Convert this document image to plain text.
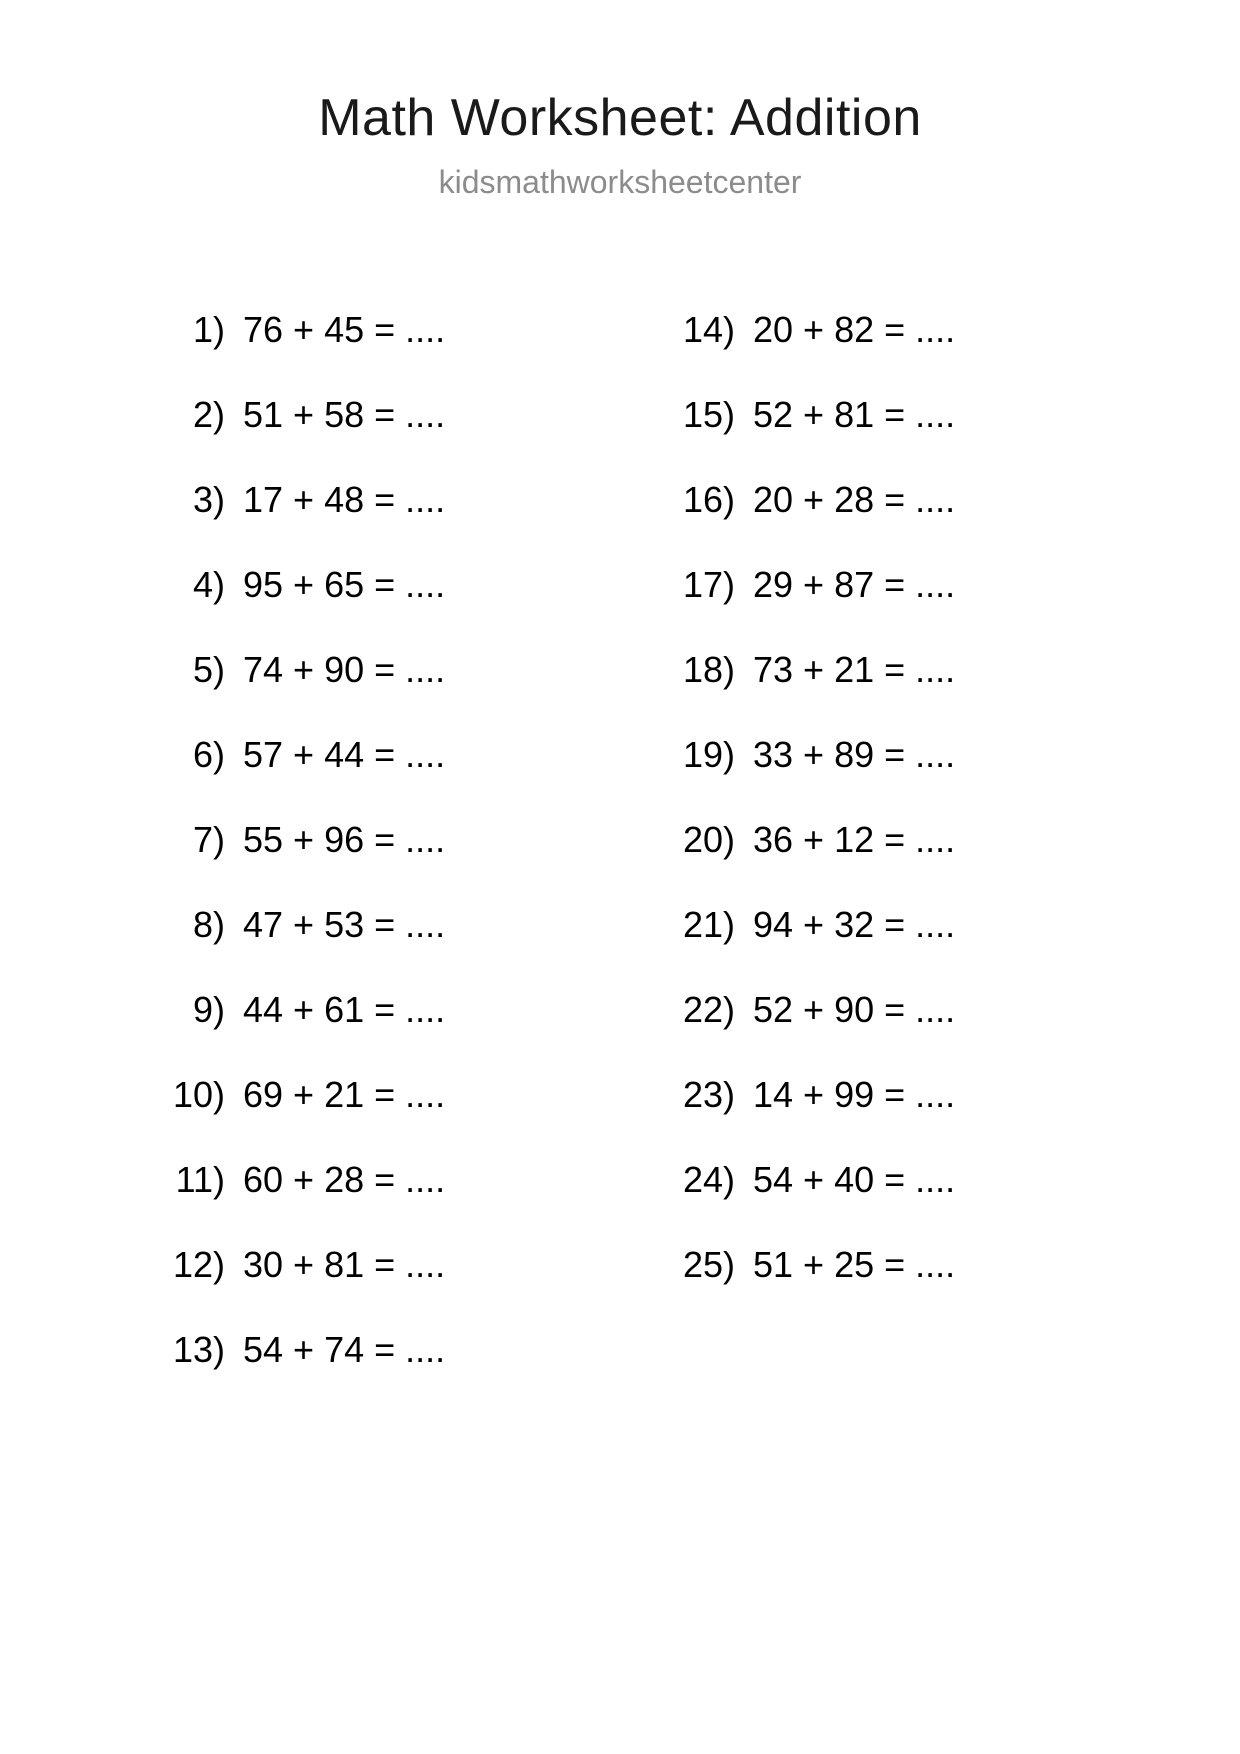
Math Worksheet: Addition
kidsmathworksheetcenter
1) 76 + 45 = ....
2) 51 + 58 = ....
3) 17 + 48 = ....
4) 95 + 65 = ....
5) 74 + 90 = ....
6) 57 + 44 = ....
7) 55 + 96 = ....
8) 47 + 53 = ....
9) 44 + 61 = ....
10) 69 + 21 = ....
11) 60 + 28 = ....
12) 30 + 81 = ....
13) 54 + 74 = ....
14) 20 + 82 = ....
15) 52 + 81 = ....
16) 20 + 28 = ....
17) 29 + 87 = ....
18) 73 + 21 = ....
19) 33 + 89 = ....
20) 36 + 12 = ....
21) 94 + 32 = ....
22) 52 + 90 = ....
23) 14 + 99 = ....
24) 54 + 40 = ....
25) 51 + 25 = ....
